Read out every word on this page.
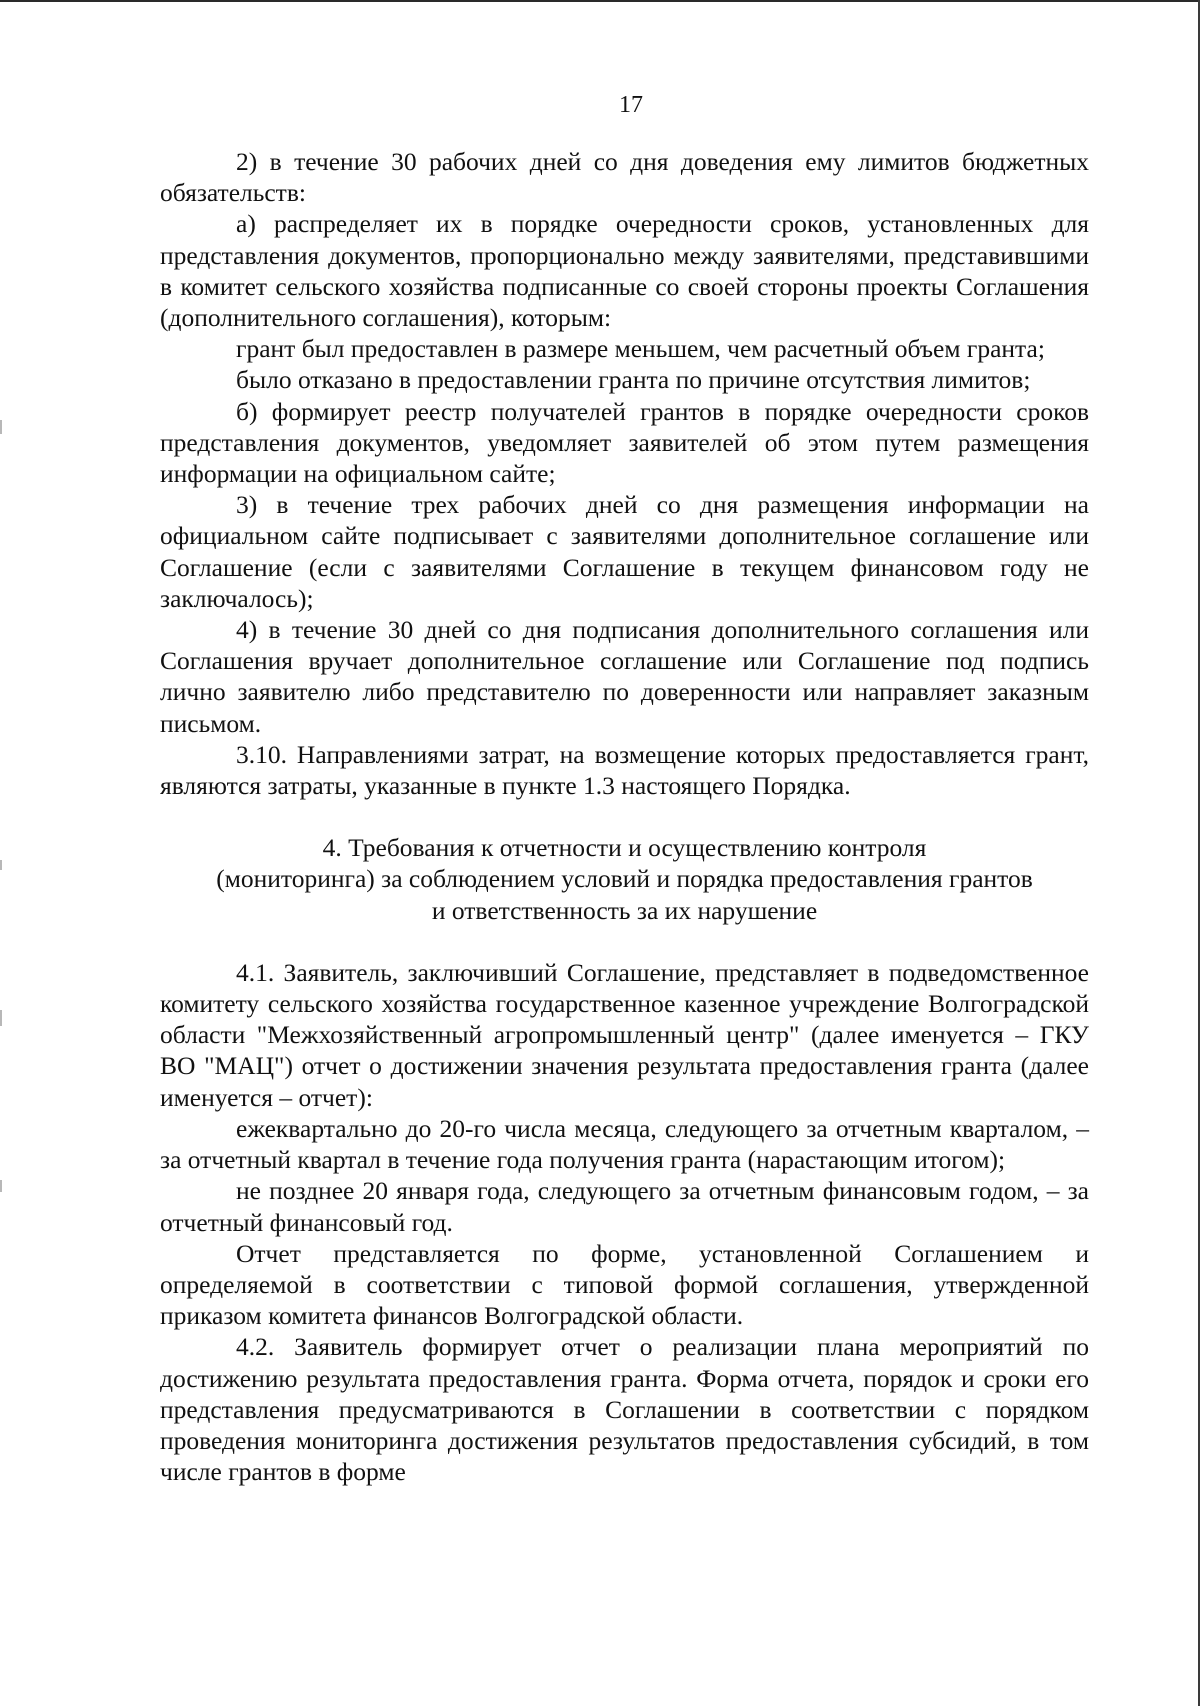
17

2) в течение 30 рабочих дней со дня доведения ему лимитов бюджетных обязательств:

а) распределяет их в порядке очередности сроков, установленных для представления документов, пропорционально между заявителями, представившими в комитет сельского хозяйства подписанные со своей стороны проекты Соглашения (дополнительного соглашения), которым:

грант был предоставлен в размере меньшем, чем расчетный объем гранта;

было отказано в предоставлении гранта по причине отсутствия лимитов;

б) формирует реестр получателей грантов в порядке очередности сроков представления документов, уведомляет заявителей об этом путем размещения информации на официальном сайте;

3) в течение трех рабочих дней со дня размещения информации на официальном сайте подписывает с заявителями дополнительное соглашение или Соглашение (если с заявителями Соглашение в текущем финансовом году не заключалось);

4) в течение 30 дней со дня подписания дополнительного соглашения или Соглашения вручает дополнительное соглашение или Соглашение под подпись лично заявителю либо представителю по доверенности или направляет заказным письмом.

3.10. Направлениями затрат, на возмещение которых предоставляется грант, являются затраты, указанные в пункте 1.3 настоящего Порядка.

4. Требования к отчетности и осуществлению контроля
(мониторинга) за соблюдением условий и порядка предоставления грантов
и ответственность за их нарушение

4.1. Заявитель, заключивший Соглашение, представляет в подведомственное комитету сельского хозяйства государственное казенное учреждение Волгоградской области "Межхозяйственный агропромышленный центр" (далее именуется – ГКУ ВО "МАЦ") отчет о достижении значения результата предоставления гранта (далее именуется – отчет):

ежеквартально до 20-го числа месяца, следующего за отчетным кварталом, – за отчетный квартал в течение года получения гранта (нарастающим итогом);

не позднее 20 января года, следующего за отчетным финансовым годом, – за отчетный финансовый год.

Отчет представляется по форме, установленной Соглашением и определяемой в соответствии с типовой формой соглашения, утвержденной приказом комитета финансов Волгоградской области.

4.2. Заявитель формирует отчет о реализации плана мероприятий по достижению результата предоставления гранта. Форма отчета, порядок и сроки его представления предусматриваются в Соглашении в соответствии с порядком проведения мониторинга достижения результатов предоставления субсидий, в том числе грантов в форме
